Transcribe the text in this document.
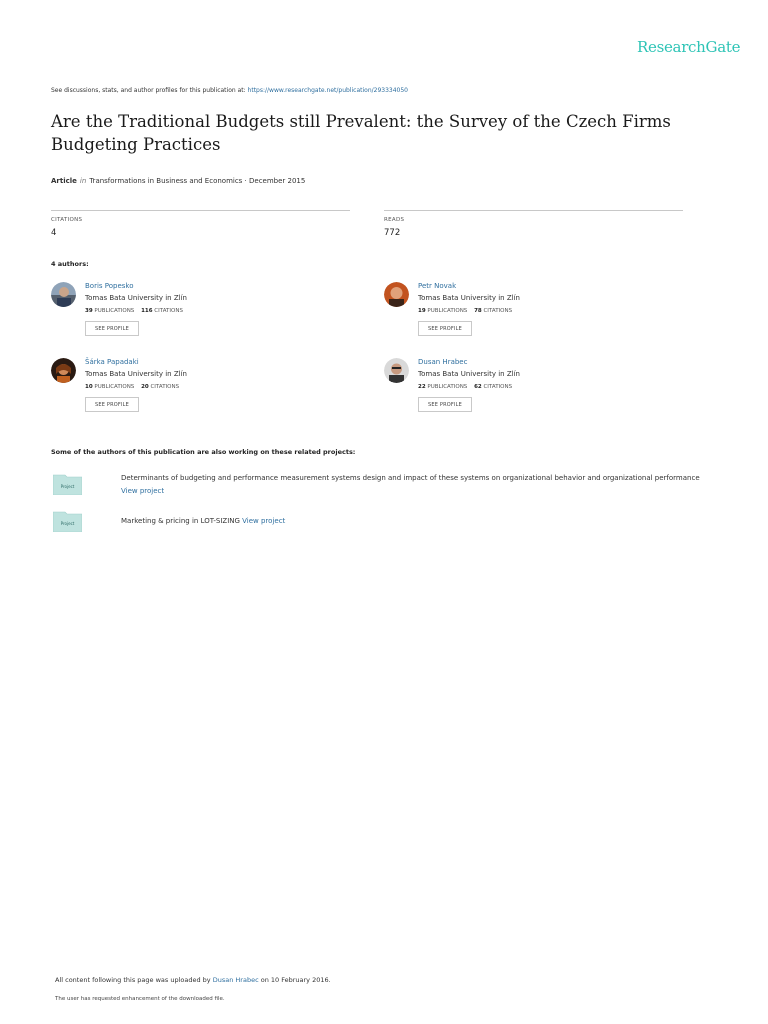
ResearchGate
See discussions, stats, and author profiles for this publication at: https://www.researchgate.net/publication/293334050
Are the Traditional Budgets still Prevalent: the Survey of the Czech Firms
Budgeting Practices
Article in Transformations in Business and Economics · December 2015
CITATIONS
4
READS
772
4 authors:
Boris Popesko
Tomas Bata University in Zlín
39 PUBLICATIONS 116 CITATIONS
SEE PROFILE
Petr Novak
Tomas Bata University in Zlín
19 PUBLICATIONS 78 CITATIONS
SEE PROFILE
Šárka Papadaki
Tomas Bata University in Zlín
10 PUBLICATIONS 20 CITATIONS
SEE PROFILE
Dusan Hrabec
Tomas Bata University in Zlín
22 PUBLICATIONS 62 CITATIONS
SEE PROFILE
Some of the authors of this publication are also working on these related projects:
Project
Determinants of budgeting and performance measurement systems design and impact of these systems on organizational behavior and organizational performance
View project
Project	Marketing & pricing in LOT-SIZING View project
All content following this page was uploaded by Dusan Hrabec on 10 February 2016.
The user has requested enhancement of the downloaded file.
